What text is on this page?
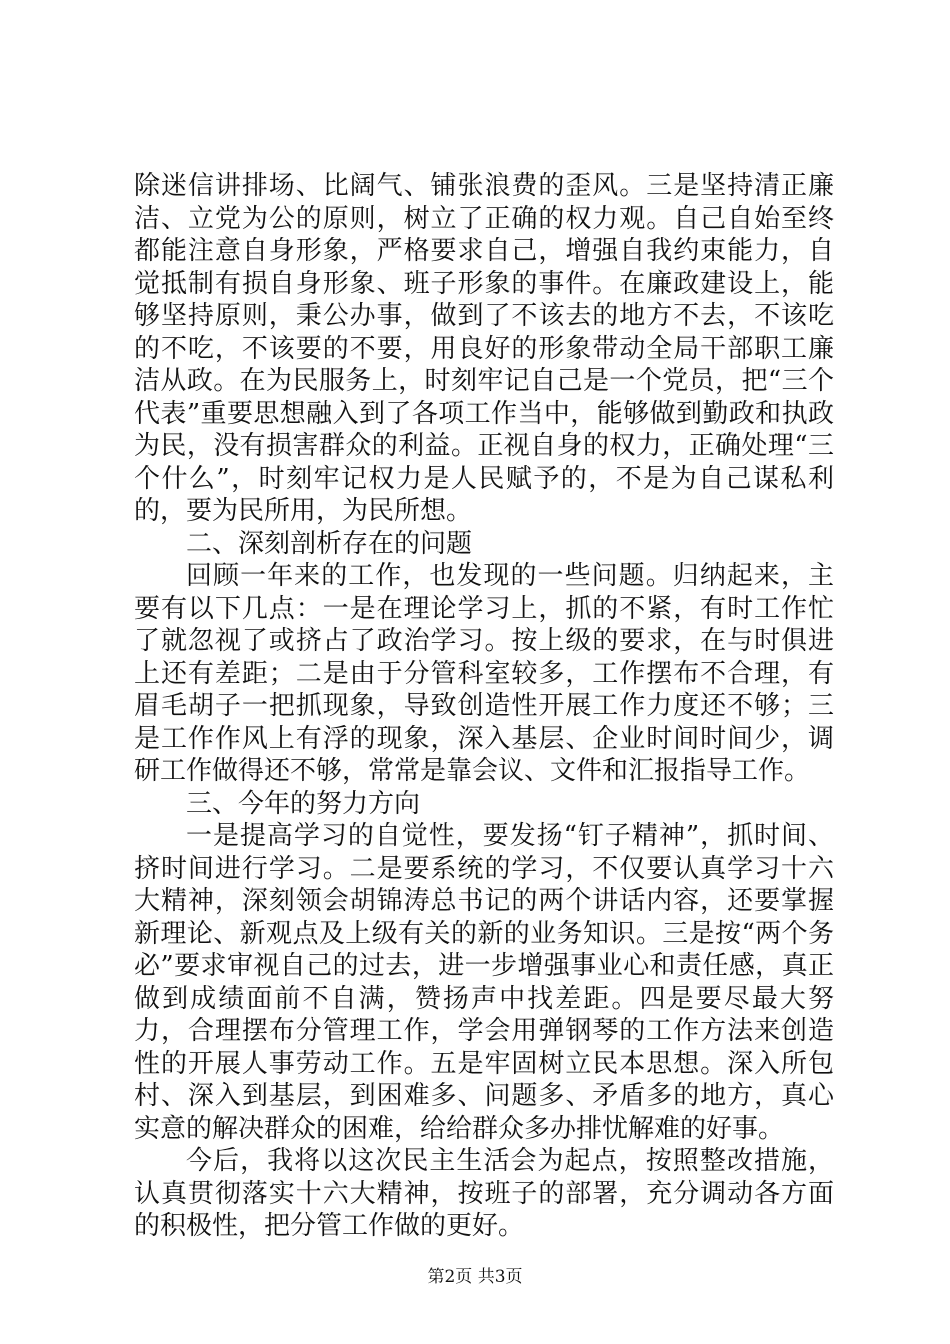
除迷信讲排场、比阔气、铺张浪费的歪风。三是坚持清正廉洁、立党为公的原则，树立了正确的权力观。自己自始至终都能注意自身形象，严格要求自己，增强自我约束能力，自觉抵制有损自身形象、班子形象的事件。在廉政建设上，能够坚持原则，秉公办事，做到了不该去的地方不去，不该吃的不吃，不该要的不要，用良好的形象带动全局干部职工廉洁从政。在为民服务上，时刻牢记自己是一个党员，把“三个代表”重要思想融入到了各项工作当中，能够做到勤政和执政为民，没有损害群众的利益。正视自身的权力，正确处理“三个什么”，时刻牢记权力是人民赋予的，不是为自己谋私利的，要为民所用，为民所想。

二、深刻剖析存在的问题

回顾一年来的工作，也发现的一些问题。归纳起来，主要有以下几点：一是在理论学习上，抓的不紧，有时工作忙了就忽视了或挤占了政治学习。按上级的要求，在与时俱进上还有差距；二是由于分管科室较多，工作摆布不合理，有眉毛胡子一把抓现象，导致创造性开展工作力度还不够；三是工作作风上有浮的现象，深入基层、企业时间时间少，调研工作做得还不够，常常是靠会议、文件和汇报指导工作。

三、今年的努力方向

一是提高学习的自觉性，要发扬“钉子精神”，抓时间、挤时间进行学习。二是要系统的学习，不仅要认真学习十六大精神，深刻领会胡锦涛总书记的两个讲话内容，还要掌握新理论、新观点及上级有关的新的业务知识。三是按“两个务必”要求审视自己的过去，进一步增强事业心和责任感，真正做到成绩面前不自满，赞扬声中找差距。四是要尽最大努力，合理摆布分管理工作，学会用弹钢琴的工作方法来创造性的开展人事劳动工作。五是牢固树立民本思想。深入所包村、深入到基层，到困难多、问题多、矛盾多的地方，真心实意的解决群众的困难，给给群众多办排忧解难的好事。

今后，我将以这次民主生活会为起点，按照整改措施，认真贯彻落实十六大精神，按班子的部署，充分调动各方面的积极性，把分管工作做的更好。

第2页 共3页
